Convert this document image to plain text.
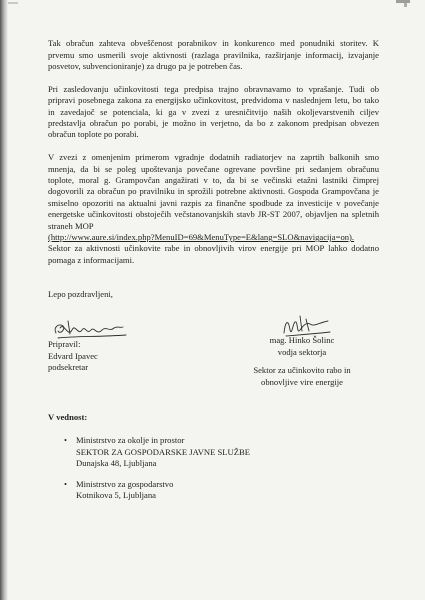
Tak obračun zahteva obveščenost porabnikov in konkurenco med ponudniki storitev. K
prvemu smo usmerili svoje aktivnosti (razlaga pravilnika, razširjanje informacij, izvajanje
posvetov, subvencioniranje) za drugo pa je potreben čas.
Pri zasledovanju učinkovitosti tega predpisa trajno obravnavamo to vprašanje. Tudi ob
pripravi posebnega zakona za energijsko učinkovitost, predvidoma v naslednjem letu, bo tako
in zavedajoč se potenciala, ki ga v zvezi z uresničitvijo naših okoljevarstvenih ciljev
predstavlja obračun po porabi, je možno in verjetno, da bo z zakonom predpisan obvezen
obračun toplote po porabi.
V zvezi z omenjenim primerom vgradnje dodatnih radiatorjev na zaprtih balkonih smo
mnenja, da bi se poleg upoštevanja povečane ogrevane površine pri sedanjem obračunu
toplote, moral g. Grampovčan angažirati v to, da bi se večinski etažni lastniki čimprej
dogovorili za obračun po pravilniku in sprožili potrebne aktivnosti. Gospoda Grampovčana je
smiselno opozoriti na aktualni javni razpis za finančne spodbude za investicije v povečanje
energetske učinkovitosti obstoječih večstanovanjskih stavb JR-ST 2007, objavljen na spletnih
straneh MOP
(http://www.aure.si/index.php?MenuID=69&MenuType=E&lang=SLO&navigacija=on).
Sektor za aktivnosti učinkovite rabe in obnovljivih virov energije pri MOP lahko dodatno
pomaga z informacijami.
Lepo pozdravljeni,
Pripravil:
Edvard Ipavec
podsekretar
mag. Hinko Šolinc
vodja sektorja
Sektor za učinkovito rabo in
obnovljive vire energije
V vednost:
• Ministrstvo za okolje in prostor
SEKTOR ZA GOSPODARSKE JAVNE SLUŽBE
Dunajska 48, Ljubljana
• Ministrstvo za gospodarstvo
Kotnikova 5, Ljubljana
